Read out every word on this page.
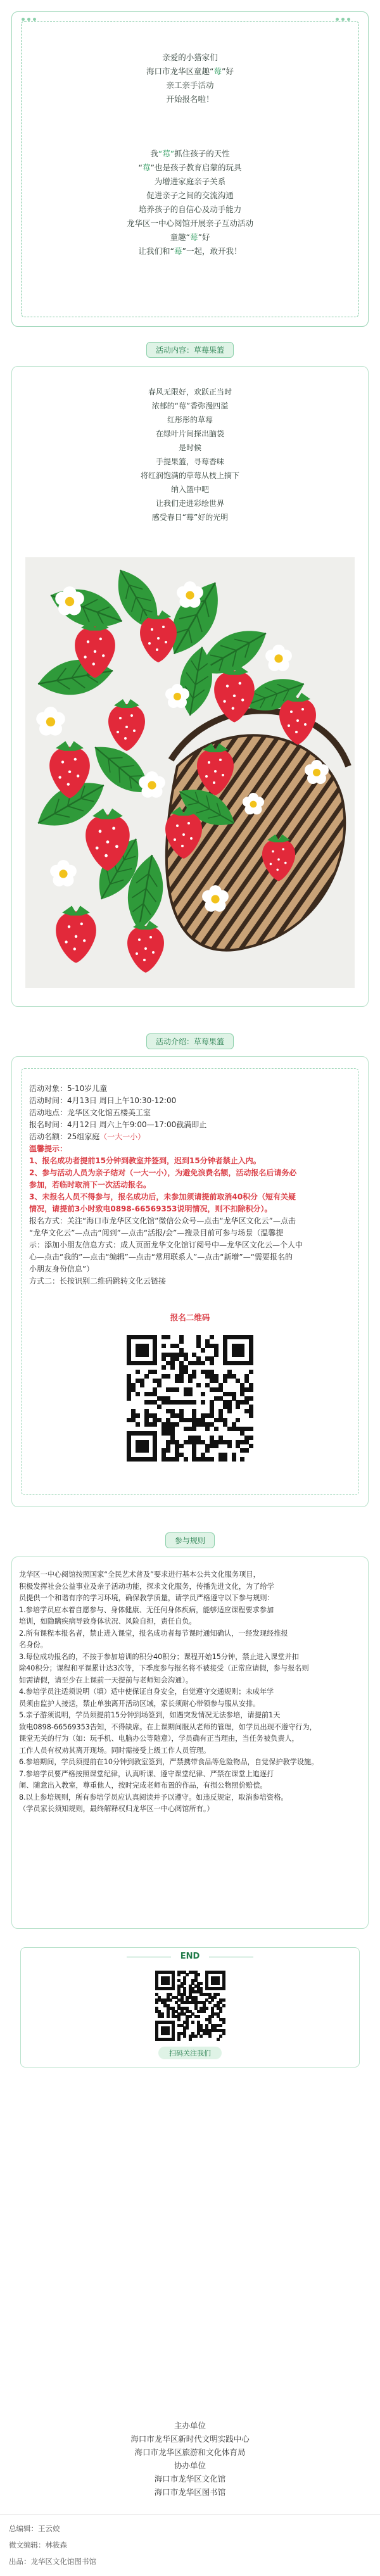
亲爱的小猎家们
海口市龙华区童趣“莓”好
亲工亲手活动
开始报名啦！
我“莓”抓住孩子的天性
“莓”也是孩子教育启蒙的玩具
为增进家庭亲子关系
促进亲子之间的交流沟通
培养孩子的自信心及动手能力
龙华区一中心阅馆开展亲子互动活动
童趣“莓”好
让我们和“莓”一起，敢开我！
活动内容：草莓果篮
春风无限好，欢跃正当时
浓郁的“莓”香弥漫四溢
红彤彤的草莓
在绿叶片间探出脑袋
是时候
手提果篮，寻莓香味
将红润饱满的草莓从枝上摘下
纳入篮中吧
让我们走进彩绘世界
感受春日“莓”好的光明
活动介绍：草莓果篮
活动对象：5-10岁儿童
活动时间：4月13日 周日上午10:30-12:00
活动地点：龙华区文化馆五楼美工室
报名时间：4月12日 周六上午9:00—17:00截满即止
活动名额：25组家庭（一大一小）
温馨提示：
1、报名成功者提前15分钟到教室并签到，迟到15分钟者禁止入内。
2、参与活动人员为亲子结对（一大一小），为避免浪费名额，活动报名后请务必
参加，若临时取消下一次活动报名。
3、未报名人员不得参与，报名成功后，未参加须请提前取消40积分（短有关疑
情况，请提前3小时致电0898-66569353说明情况，则不扣除积分）。
报名方式：关注“海口市龙华区文化馆”微信公众号—点击“龙华区文化云”—点击
“龙华文化云”—点击“阅到”—点击“活报/会”—搜录目前可参与场景（温馨提
示：添加小朋友信息方式：成人页面龙华文化馆订阅号中—龙华区文化云—个人中
心—点击“我的”—点击“编辑”—点击“常用联系人”—点击“新增”—“需要报名的
小朋友身份信息”）
方式二：长按识别二维码跳转文化云链接
报名二维码
参与规则
龙华区一中心阅馆按照国家“全民艺术普及”要求进行基本公共文化服务项目，
积极发挥社会公益事业及亲子活动功能，探求文化服务，传播先进文化，为了给学
员提供一个和谐有序的学习环境，确保教学质量，请学员严格遵守以下参与规则：
1.参培学员应本着自愿参与、身体健康、无任何身体疾病，能够适应课程要求参加
培训，如隐瞒疾病导致身体状况、风险自担，责任自负。
2.所有课程本报名者，禁止进入课堂，报名成功者每节课时通知确认，一经发现经推报
名身份。
3.每位成功报名的，不按于参加培训的积分40积分；课程开始15分钟，禁止进入课堂并扣
除40积分；课程和平课累计达3次等，下季度参与报名将不被接受（正常应请假，参与报名则
如需请假，请至少在上课前一天提前与老师知会沟通）。
4.参培学员注适须说明（填）适中使保证自身安全，自觉遵守交通规则；未成年学
员须由监护人接送，禁止单独离开活动区域，家长须耐心带领参与服从安排。
5.亲子游须说明，学员须提前15分钟到场签到，如遇突发情况无法参培，请提前1天
致电0898-66569353告知，不得缺席。在上课期间服从老师的管理，如学员出现不遵守行为，
课堂无关的行为（如：玩手机、电脑办公等随意），学员确有正当理由，当任务被负责人，
工作人员有权劝其离开现场。同时需接受上级工作人员管理。
6.参培期间，学员须提前在10分钟到教室签到，严禁携带食品等危险物品，自觉保护教学设施。
7.参培学员要严格按照课堂纪律，认真听课、遵守课堂纪律、严禁在课堂上追逐打
闹、随意出入教室，尊重他人，按时完成老师布置的作品，有损公物照价赔偿。
8.以上参培规则，所有参培学员应认真阅读并予以遵守。如违反规定，取消参培资格。
（学员家长须知规则，最终解释权归龙华区一中心阅馆所有。）
END
扫码关注我们
主办单位
海口市龙华区新时代文明实践中心
海口市龙华区旅游和文化体育局
协办单位
海口市龙华区文化馆
海口市龙华区图书馆
总编辑：王云姣
微文编辑：林筱森
出品：龙华区文化馆图书馆
